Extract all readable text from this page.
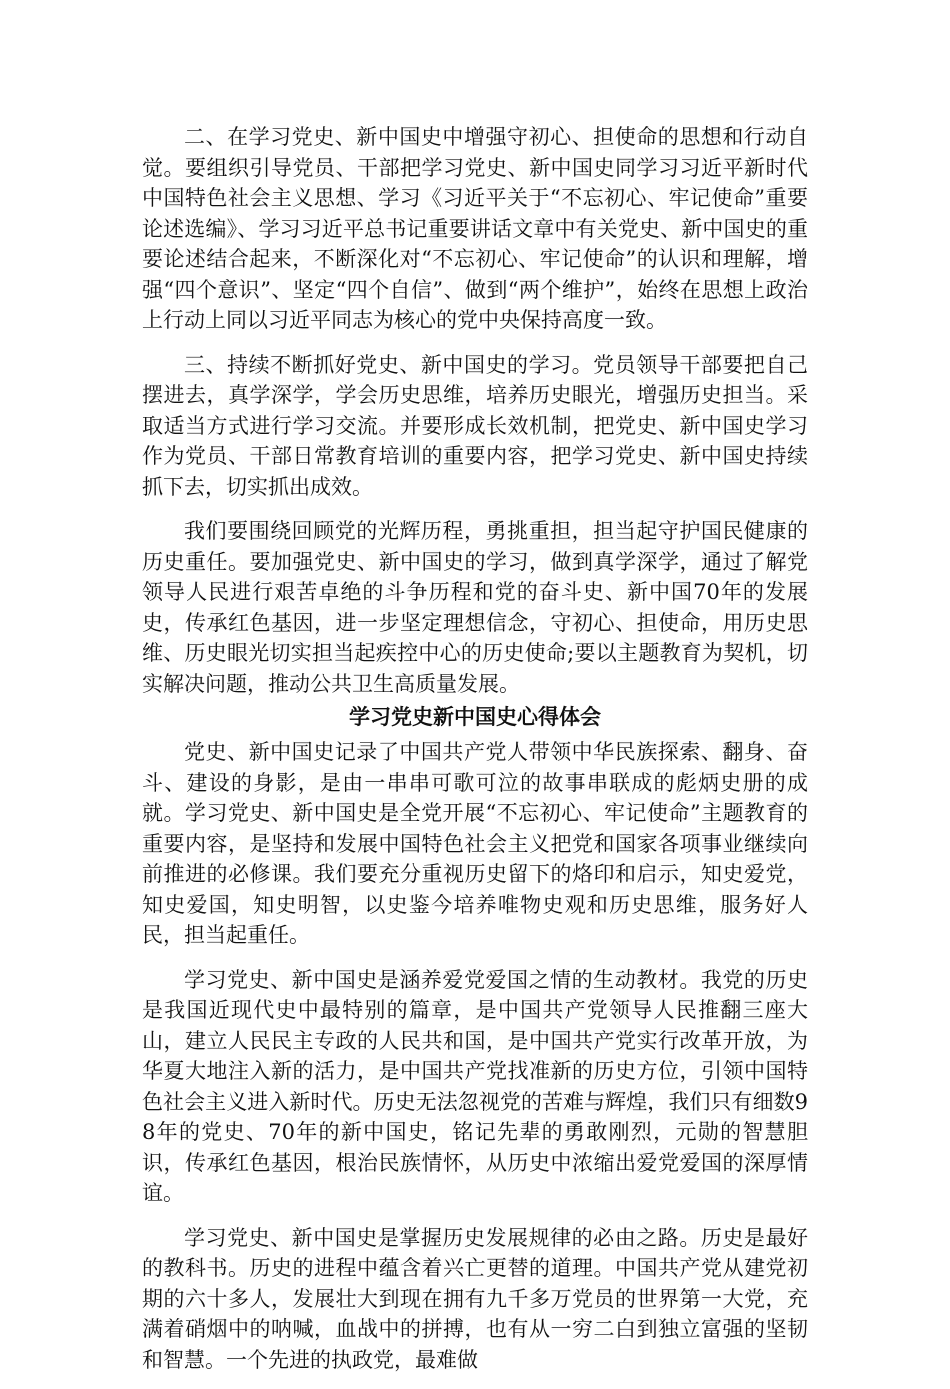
二、在学习党史、新中国史中增强守初心、担使命的思想和行动自觉。要组织引导党员、干部把学习党史、新中国史同学习习近平新时代中国特色社会主义思想、学习《习近平关于“不忘初心、牢记使命”重要论述选编》、学习习近平总书记重要讲话文章中有关党史、新中国史的重要论述结合起来，不断深化对“不忘初心、牢记使命”的认识和理解，增强“四个意识”、坚定“四个自信”、做到“两个维护”，始终在思想上政治上行动上同以习近平同志为核心的党中央保持高度一致。

三、持续不断抓好党史、新中国史的学习。党员领导干部要把自己摆进去，真学深学，学会历史思维，培养历史眼光，增强历史担当。采取适当方式进行学习交流。并要形成长效机制，把党史、新中国史学习作为党员、干部日常教育培训的重要内容，把学习党史、新中国史持续抓下去，切实抓出成效。

我们要围绕回顾党的光辉历程，勇挑重担，担当起守护国民健康的历史重任。要加强党史、新中国史的学习，做到真学深学，通过了解党领导人民进行艰苦卓绝的斗争历程和党的奋斗史、新中国70年的发展史，传承红色基因，进一步坚定理想信念，守初心、担使命，用历史思维、历史眼光切实担当起疾控中心的历史使命;要以主题教育为契机，切实解决问题，推动公共卫生高质量发展。

学习党史新中国史心得体会

党史、新中国史记录了中国共产党人带领中华民族探索、翻身、奋斗、建设的身影，是由一串串可歌可泣的故事串联成的彪炳史册的成就。学习党史、新中国史是全党开展“不忘初心、牢记使命”主题教育的重要内容，是坚持和发展中国特色社会主义把党和国家各项事业继续向前推进的必修课。我们要充分重视历史留下的烙印和启示，知史爱党，知史爱国，知史明智，以史鉴今培养唯物史观和历史思维，服务好人民，担当起重任。

学习党史、新中国史是涵养爱党爱国之情的生动教材。我党的历史是我国近现代史中最特别的篇章，是中国共产党领导人民推翻三座大山，建立人民民主专政的人民共和国，是中国共产党实行改革开放，为华夏大地注入新的活力，是中国共产党找准新的历史方位，引领中国特色社会主义进入新时代。历史无法忽视党的苦难与辉煌，我们只有细数98年的党史、70年的新中国史，铭记先辈的勇敢刚烈，元勋的智慧胆识，传承红色基因，根治民族情怀，从历史中浓缩出爱党爱国的深厚情谊。

学习党史、新中国史是掌握历史发展规律的必由之路。历史是最好的教科书。历史的进程中蕴含着兴亡更替的道理。中国共产党从建党初期的六十多人，发展壮大到现在拥有九千多万党员的世界第一大党，充满着硝烟中的呐喊，血战中的拼搏，也有从一穷二白到独立富强的坚韧和智慧。一个先进的执政党，最难做
